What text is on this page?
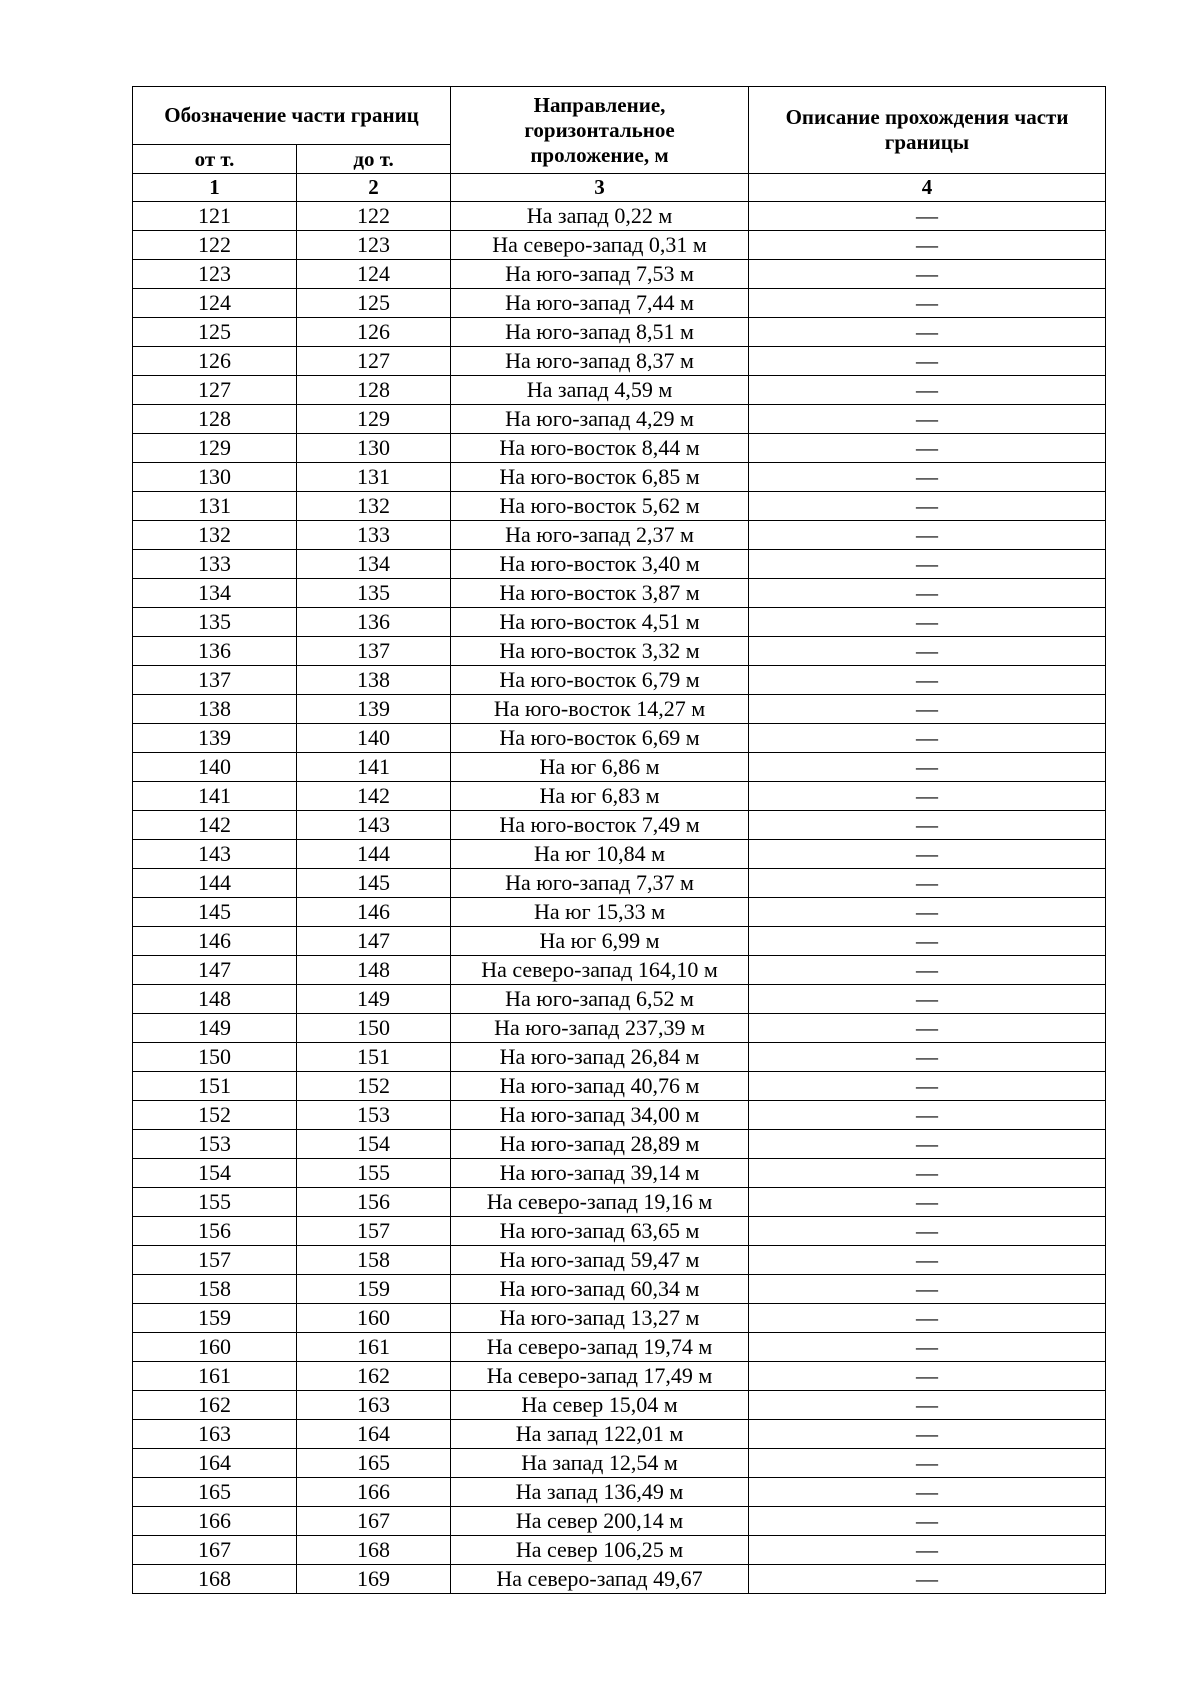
Обозначение части границ		Направление, горизонтальное проложение, м	Описание прохождения части границы
от т.	до т.		
1	2	3	4
121	122	На запад 0,22 м	—
122	123	На северо-запад 0,31 м	—
123	124	На юго-запад 7,53 м	—
124	125	На юго-запад 7,44 м	—
125	126	На юго-запад 8,51 м	—
126	127	На юго-запад 8,37 м	—
127	128	На запад 4,59 м	—
128	129	На юго-запад 4,29 м	—
129	130	На юго-восток 8,44 м	—
130	131	На юго-восток 6,85 м	—
131	132	На юго-восток 5,62 м	—
132	133	На юго-запад 2,37 м	—
133	134	На юго-восток 3,40 м	—
134	135	На юго-восток 3,87 м	—
135	136	На юго-восток 4,51 м	—
136	137	На юго-восток 3,32 м	—
137	138	На юго-восток 6,79 м	—
138	139	На юго-восток 14,27 м	—
139	140	На юго-восток 6,69 м	—
140	141	На юг 6,86 м	—
141	142	На юг 6,83 м	—
142	143	На юго-восток 7,49 м	—
143	144	На юг 10,84 м	—
144	145	На юго-запад 7,37 м	—
145	146	На юг 15,33 м	—
146	147	На юг 6,99 м	—
147	148	На северо-запад 164,10 м	—
148	149	На юго-запад 6,52 м	—
149	150	На юго-запад 237,39 м	—
150	151	На юго-запад 26,84 м	—
151	152	На юго-запад 40,76 м	—
152	153	На юго-запад 34,00 м	—
153	154	На юго-запад 28,89 м	—
154	155	На юго-запад 39,14 м	—
155	156	На северо-запад 19,16 м	—
156	157	На юго-запад 63,65 м	—
157	158	На юго-запад 59,47 м	—
158	159	На юго-запад 60,34 м	—
159	160	На юго-запад 13,27 м	—
160	161	На северо-запад 19,74 м	—
161	162	На северо-запад 17,49 м	—
162	163	На север 15,04 м	—
163	164	На запад 122,01 м	—
164	165	На запад 12,54 м	—
165	166	На запад 136,49 м	—
166	167	На север 200,14 м	—
167	168	На север 106,25 м	—
168	169	На северо-запад 49,67	—
